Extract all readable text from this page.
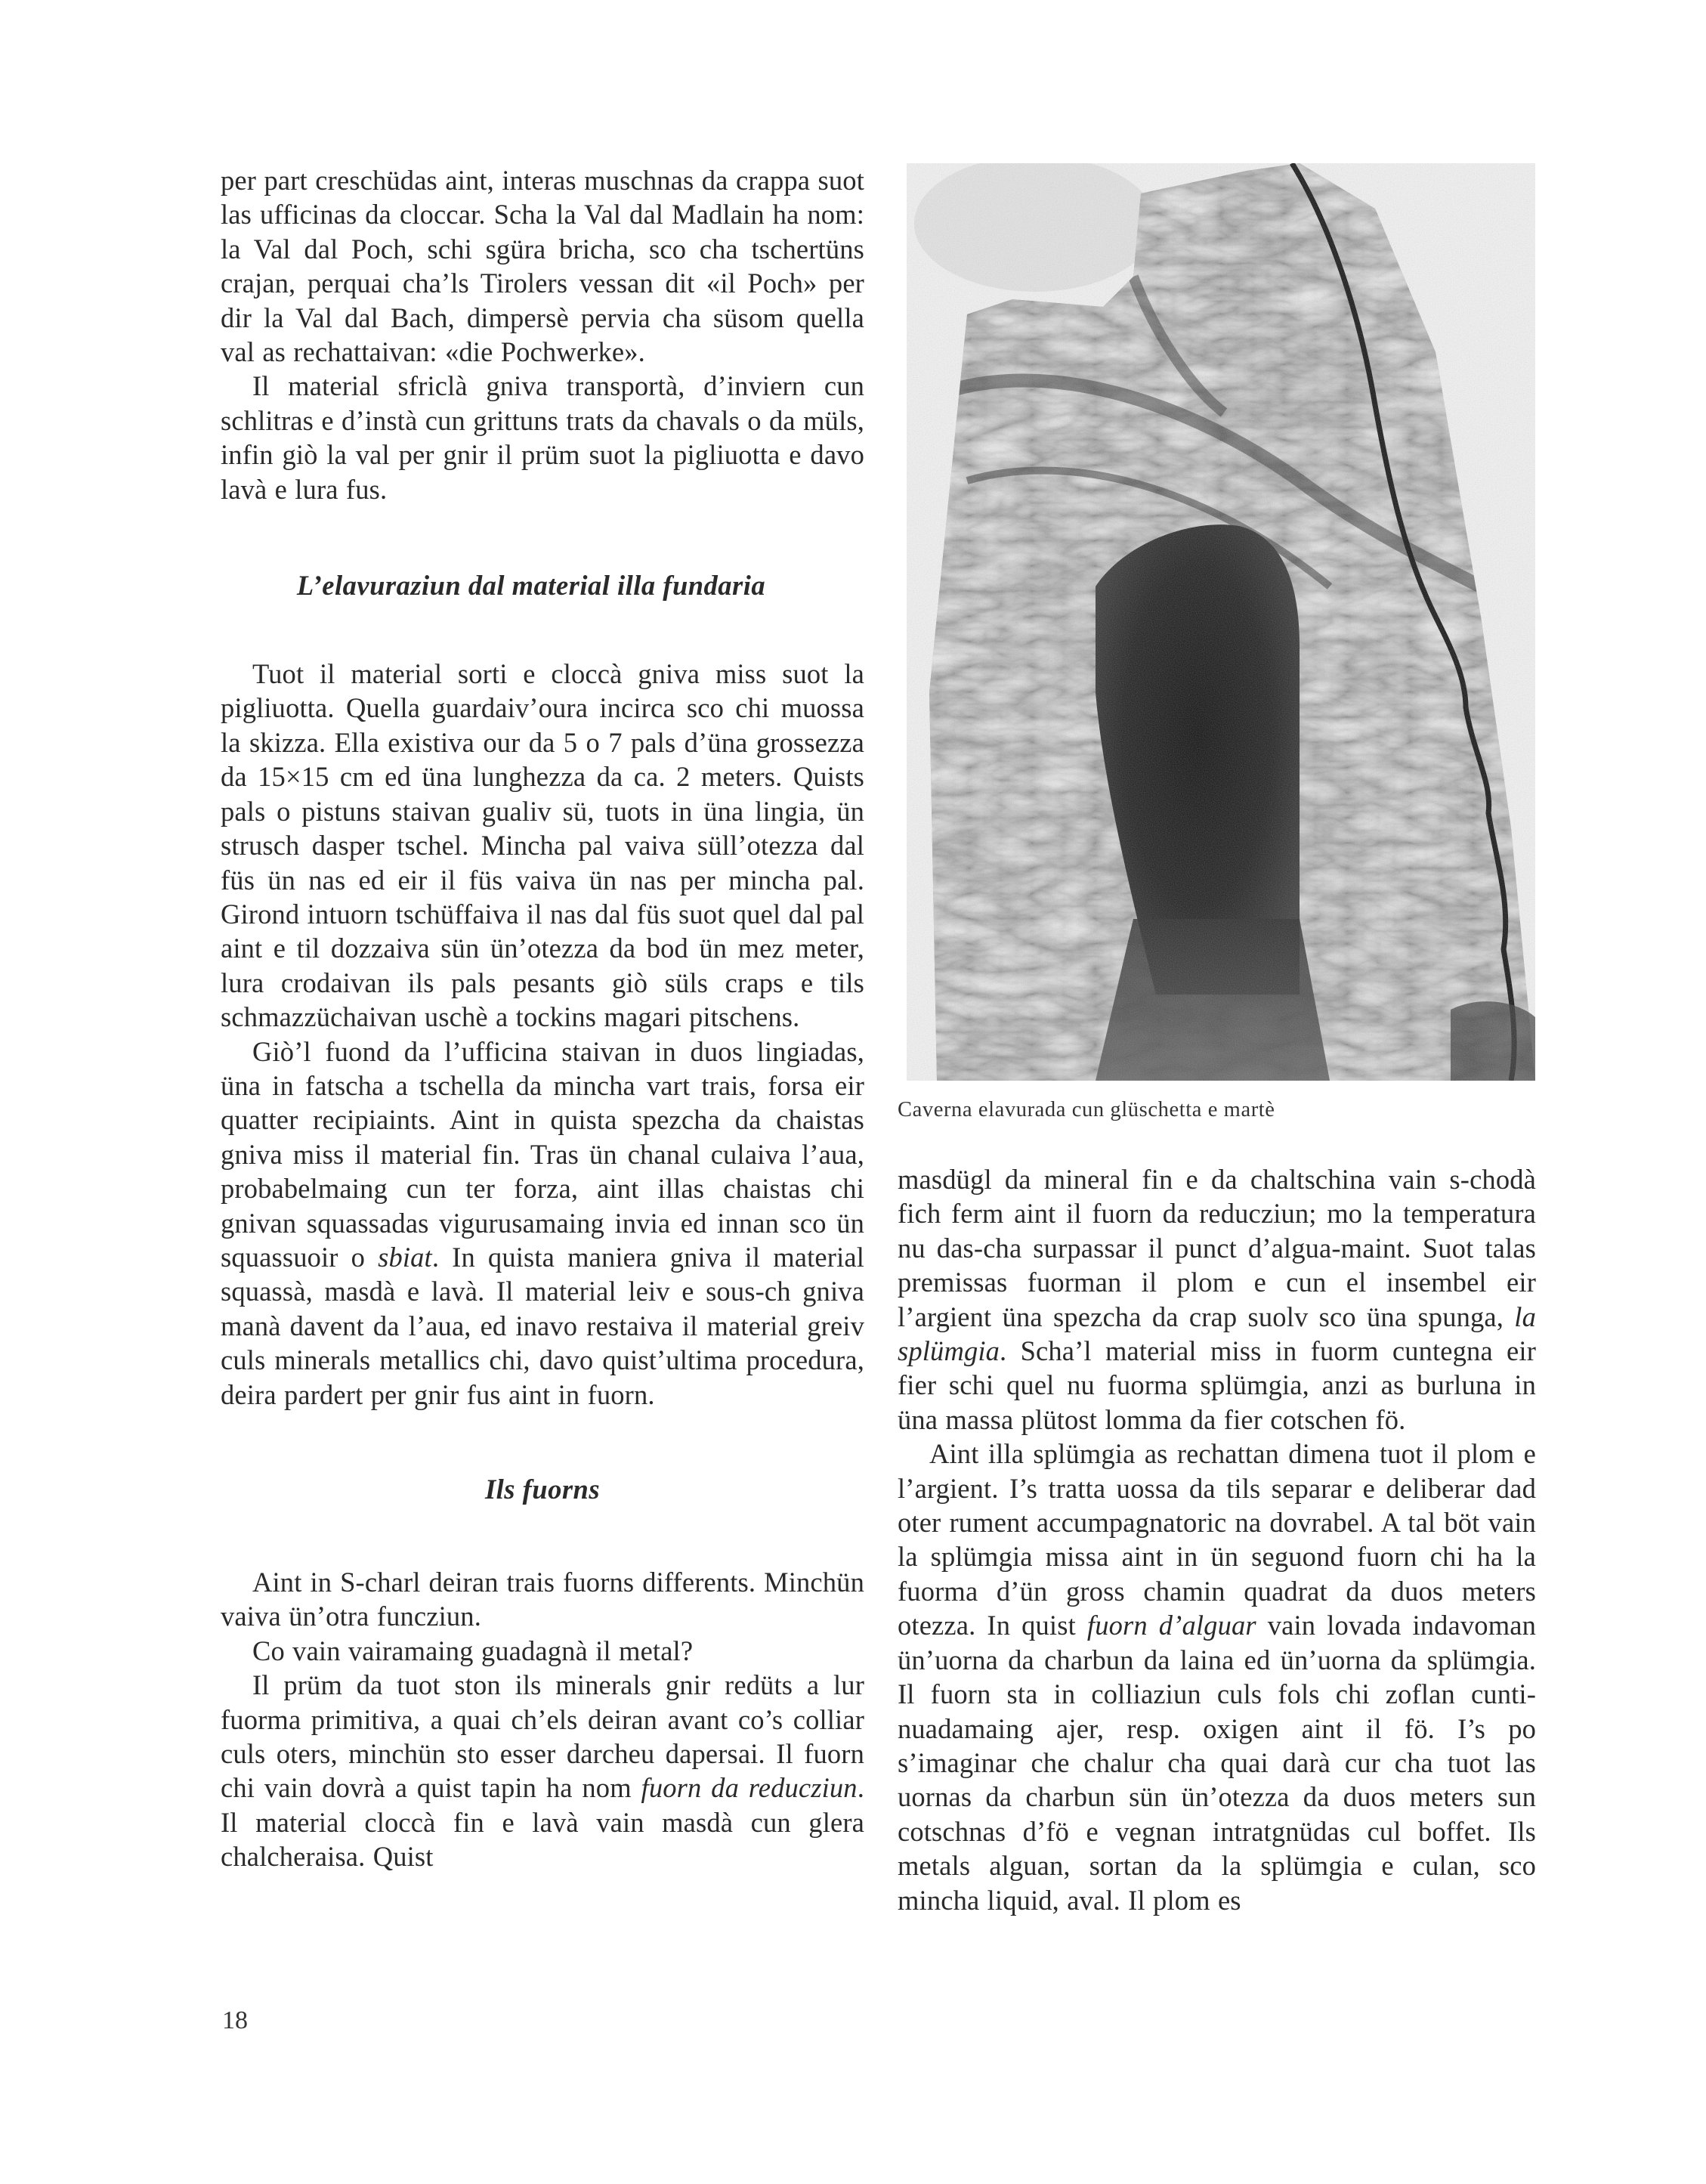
per part creschüdas aint, interas muschnas da crappa suot las ufficinas da cloccar. Scha la Val dal Madlain ha nom: la Val dal Poch, schi sgüra bricha, sco cha tschertüns crajan, perquai cha’ls Tirolers vessan dit «il Poch» per dir la Val dal Bach, dimpersè pervia cha süsom quella val as rechattaivan: «die Pochwerke».

Il material sfriclà gniva transportà, d’inviern cun schlitras e d’instà cun grittuns trats da chavals o da müls, infin giò la val per gnir il prüm suot la pigliuotta e davo lavà e lura fus.

L’elavuraziun dal material illa fundaria

Tuot il material sorti e cloccà gniva miss suot la pigliuotta. Quella guardaiv’oura incirca sco chi muossa la skizza. Ella existiva our da 5 o 7 pals d’üna grossezza da 15×15 cm ed üna lunghezza da ca. 2 meters. Quists pals o pistuns staivan gualiv sü, tuots in üna lingia, ün strusch dasper tschel. Mincha pal vaiva süll’otezza dal füs ün nas ed eir il füs vaiva ün nas per mincha pal. Girond intuorn tschüffaiva il nas dal füs suot quel dal pal aint e til dozzaiva sün ün’otezza da bod ün mez meter, lura crodaivan ils pals pesants giò süls craps e tils schmazzüchaivan uschè a tockins magari pitschens.

Giò’l fuond da l’ufficina staivan in duos lingiadas, üna in fatscha a tschella da mincha vart trais, forsa eir quatter recipiaints. Aint in quista spezcha da chaistas gniva miss il material fin. Tras ün chanal culaiva l’aua, probabelmaing cun ter forza, aint illas chaistas chi gnivan squassadas vigurusamaing invia ed innan sco ün squassuoir o sbiat. In quista maniera gniva il material squassà, masdà e lavà. Il material leiv e sous-ch gniva manà davent da l’aua, ed inavo restaiva il material greiv culs minerals metallics chi, davo quist’ultima procedura, deira pardert per gnir fus aint in fuorn.

Ils fuorns

Aint in S-charl deiran trais fuorns differents. Minchün vaiva ün’otra funcziun.

Co vain vairamaing guadagnà il metal?

Il prüm da tuot ston ils minerals gnir redüts a lur fuorma primitiva, a quai ch’els deiran avant co’s colliar culs oters, minchün sto esser darcheu dapersai. Il fuorn chi vain dovrà a quist tapin ha nom fuorn da reducziun. Il material cloccà fin e lavà vain masdà cun glera chalcheraisa. Quist

Caverna elavurada cun glüschetta e martè

masdügl da mineral fin e da chaltschina vain s-chodà fich ferm aint il fuorn da reducziun; mo la temperatura nu das-cha surpassar il punct d’algua-maint. Suot talas premissas fuorman il plom e cun el insembel eir l’argient üna spezcha da crap suolv sco üna spunga, la splümgia. Scha’l material miss in fuorm cuntegna eir fier schi quel nu fuorma splümgia, anzi as burluna in üna massa plütost lomma da fier cotschen fö.

Aint illa splümgia as rechattan dimena tuot il plom e l’argient. I’s tratta uossa da tils separar e deliberar dad oter rument accumpagnatoric na dovrabel. A tal böt vain la splümgia missa aint in ün seguond fuorn chi ha la fuorma d’ün gross chamin quadrat da duos meters otezza. In quist fuorn d’alguar vain lovada indavoman ün’uorna da charbun da laina ed ün’uorna da splümgia. Il fuorn sta in colliaziun culs fols chi zoflan cunti-nuadamaing ajer, resp. oxigen aint il fö. I’s po s’imaginar che chalur cha quai darà cur cha tuot las uornas da charbun sün ün’otezza da duos meters sun cotschnas d’fö e vegnan intratgnüdas cul boffet. Ils metals alguan, sortan da la splümgia e culan, sco mincha liquid, aval. Il plom es

18
